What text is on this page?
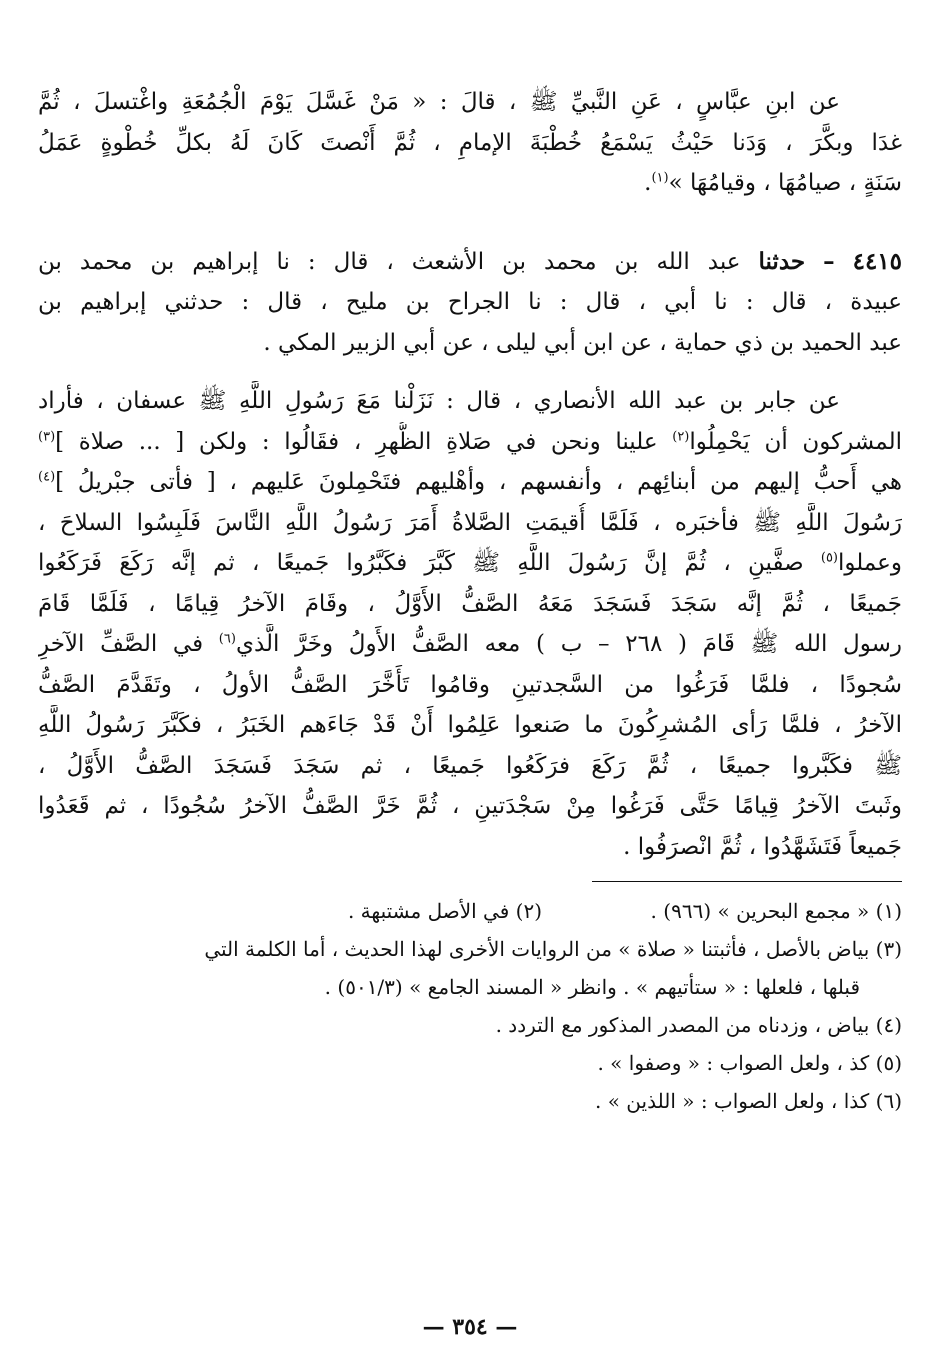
عن ابنِ عبَّاسٍ ، عَنِ النَّبيِّ ﷺ ، قالَ : « مَنْ غَسَّلَ يَوْمَ الْجُمُعَةِ واغْتسلَ ، ثُمَّ
غدَا وبكَّرَ ، وَدَنا حَيْثُ يَسْمَعُ خُطْبَةَ الإمامِ ، ثُمَّ أَنْصتَ كَانَ لَهُ بكلِّ خُطْوةٍ عَمَلُ
سَنَةٍ ، صيامُهَا ، وقيامُهَا »$^{(١)}$.
٤٤١٥ – حدثنا عبد الله بن محمد بن الأشعث ، قال : نا إبراهيم بن محمد بن
عبيدة ، قال : نا أبي ، قال : نا الجراح بن مليح ، قال : حدثني إبراهيم بن
عبد الحميد بن ذي حماية ، عن ابن أبي ليلى ، عن أبي الزبير المكي .
عن جابر بن عبد الله الأنصاري ، قال : نَزَلْنا مَعَ رَسُولِ اللَّهِ ﷺ عسفان ، فأراد
المشركون أن يَحْمِلُوا$^{(٢)}$ علينا ونحن في صَلاةِ الظُّهرِ ، فقَالُوا : ولكن [ ... صلاة ]$^{(٣)}$
هي أَحبُّ إليهم من أبنائِهم ، وأنفسهم ، وأهْليهم فتَحْمِلونَ عَليهم ، [ فأتى جبْريلُ ]$^{(٤)}$
رَسُولَ اللَّهِ ﷺ فأخبَره ، فَلَمَّا أُقيمَتِ الصَّلاةُ أَمَرَ رَسُولُ اللَّهِ النَّاسَ فَلَبِسُوا السلاحَ ،
وعملوا$^{(٥)}$ صفَّينِ ، ثُمَّ إنَّ رَسُولَ اللَّهِ ﷺ كَبَّرَ فكَبَّرُوا جَميعًا ، ثم إنَّه رَكَعَ فَرَكَعُوا
جَميعًا ، ثُمَّ إنَّه سَجَدَ فَسَجَدَ مَعَهُ الصَّفُّ الأَوَّلُ ، وقَامَ الآخرُ قِيامًا ، فَلَمَّا قَامَ
رسول الله ﷺ قَامَ ( ٢٦٨ – ب ) معه الصَّفُّ الأَولُ وخَرَّ الَّذي$^{(٦)}$ في الصَّفِّ الآخرِ
سُجودًا ، فلمَّا فَرَغُوا من السَّجدتينِ وقامُوا تَأَخَّرَ الصَّفُّ الأولُ ، وتَقَدَّمَ الصَّفُّ
الآخرُ ، فلمَّا رَأى المُشرِكُونَ ما صَنعوا عَلِمُوا أَنْ قَدْ جَاءَهم الخَبَرُ ، فكَبَّرَ رَسُولُ اللَّهِ
ﷺ فكَبَّروا جميعًا ، ثُمَّ رَكَعَ فرَكَعُوا جَميعًا ، ثم سَجَدَ فَسَجَدَ الصَّفُّ الأَوَّلُ ،
وثَبتَ الآخرُ قِيامًا حَتَّى فَرَغُوا مِنْ سَجْدَتينِ ، ثُمَّ خَرَّ الصَّفُّ الآخرُ سُجُودًا ، ثم قَعَدُوا
جَميعاً فَتَشَهَّدُوا ، ثُمَّ انْصرَفُوا .
(١) « مجمع البحرين » (٩٦٦) .
(٢) في الأصل مشتبهة .
(٣) بياض بالأصل ، فأثبتنا « صلاة » من الروايات الأخرى لهذا الحديث ، أما الكلمة التي
قبلها ، فلعلها : « ستأتيهم » . وانظر « المسند الجامع » (٥٠١/٣) .
(٤) بياض ، وزدناه من المصدر المذكور مع التردد .
(٥) كذ ، ولعل الصواب : « وصفوا » .
(٦) كذا ، ولعل الصواب : « اللذين » .
— ٣٥٤ —
